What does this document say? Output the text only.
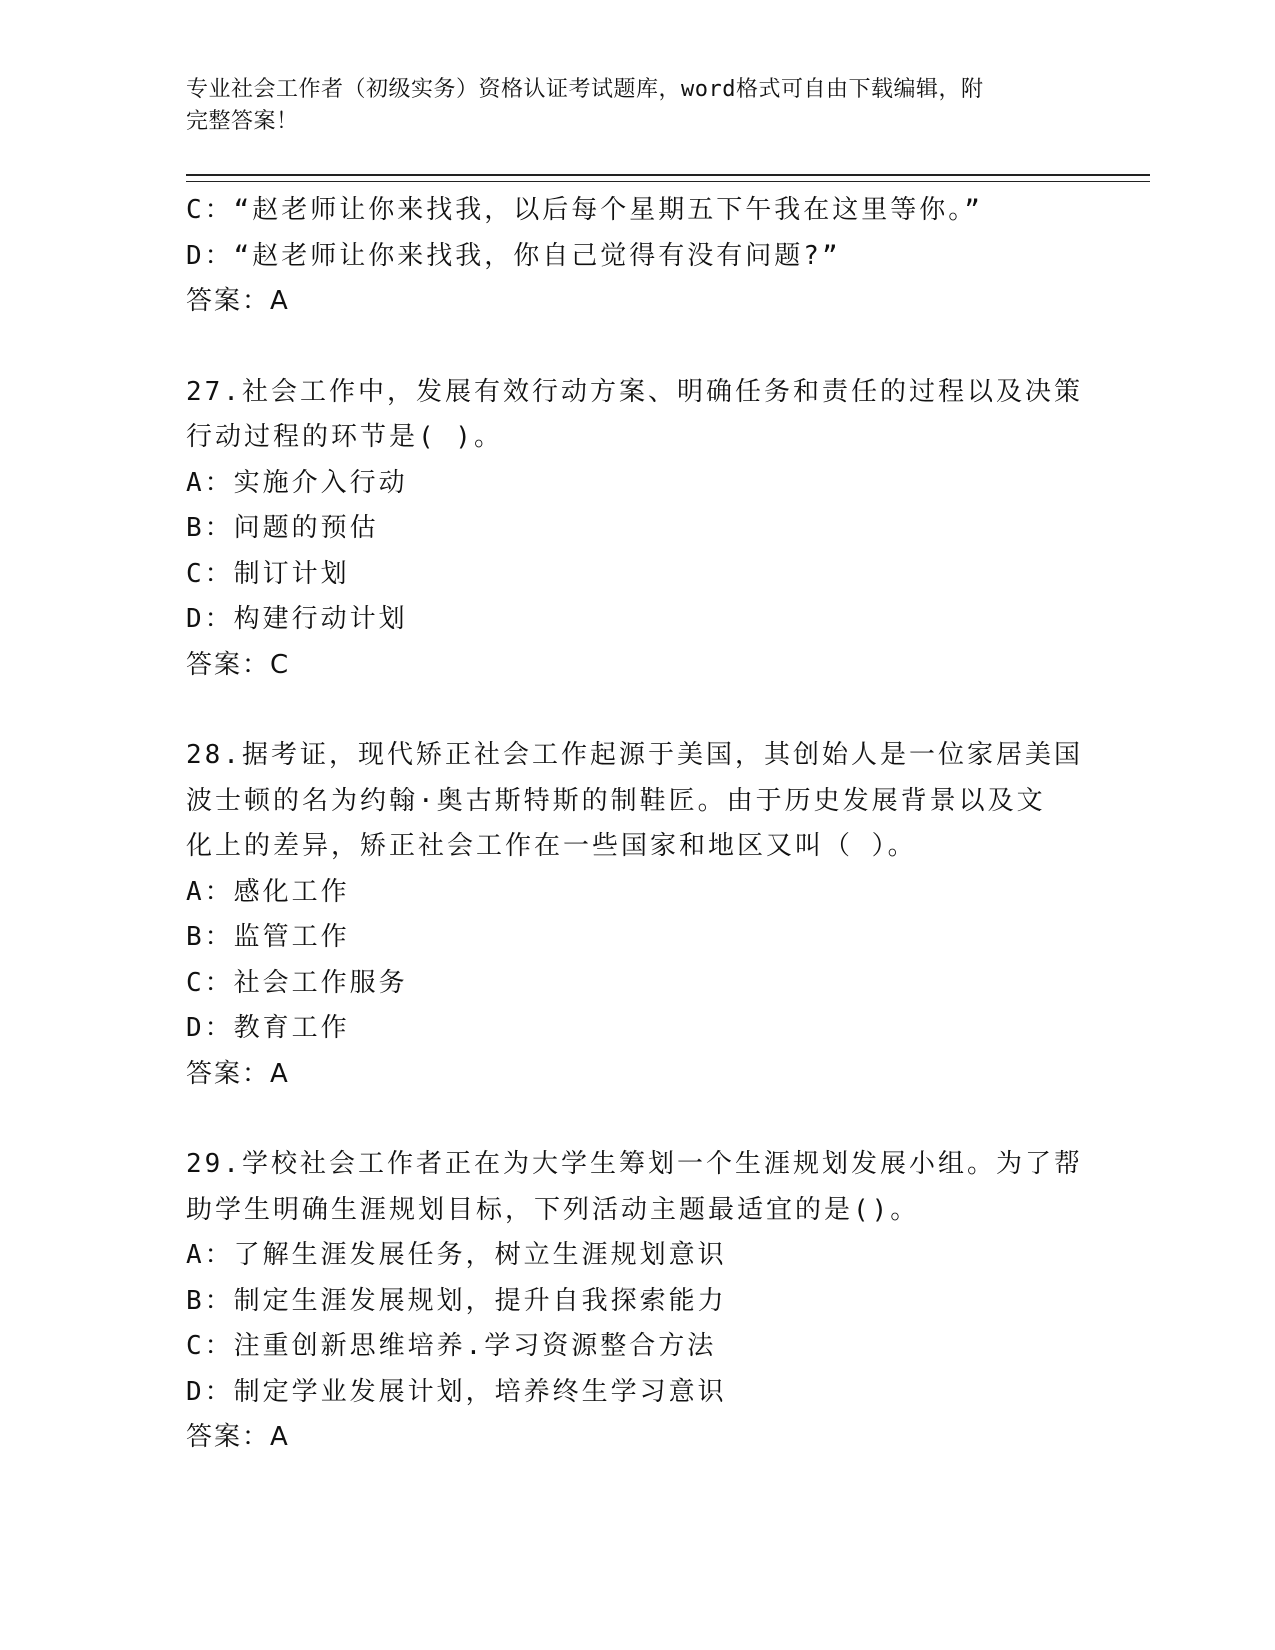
专业社会工作者（初级实务）资格认证考试题库，word格式可自由下载编辑，附
完整答案！
C：“赵老师让你来找我，以后每个星期五下午我在这里等你。”
D：“赵老师让你来找我，你自己觉得有没有问题?”
答案：A
27.社会工作中，发展有效行动方案、明确任务和责任的过程以及决策
行动过程的环节是( )。
A：实施介入行动
B：问题的预估
C：制订计划
D：构建行动计划
答案：C
28.据考证，现代矫正社会工作起源于美国，其创始人是一位家居美国
波士顿的名为约翰·奥古斯特斯的制鞋匠。由于历史发展背景以及文
化上的差异，矫正社会工作在一些国家和地区又叫（ ）。
A：感化工作
B：监管工作
C：社会工作服务
D：教育工作
答案：A
29.学校社会工作者正在为大学生筹划一个生涯规划发展小组。为了帮
助学生明确生涯规划目标，下列活动主题最适宜的是()。
A：了解生涯发展任务，树立生涯规划意识
B：制定生涯发展规划，提升自我探索能力
C：注重创新思维培养.学习资源整合方法
D：制定学业发展计划，培养终生学习意识
答案：A
